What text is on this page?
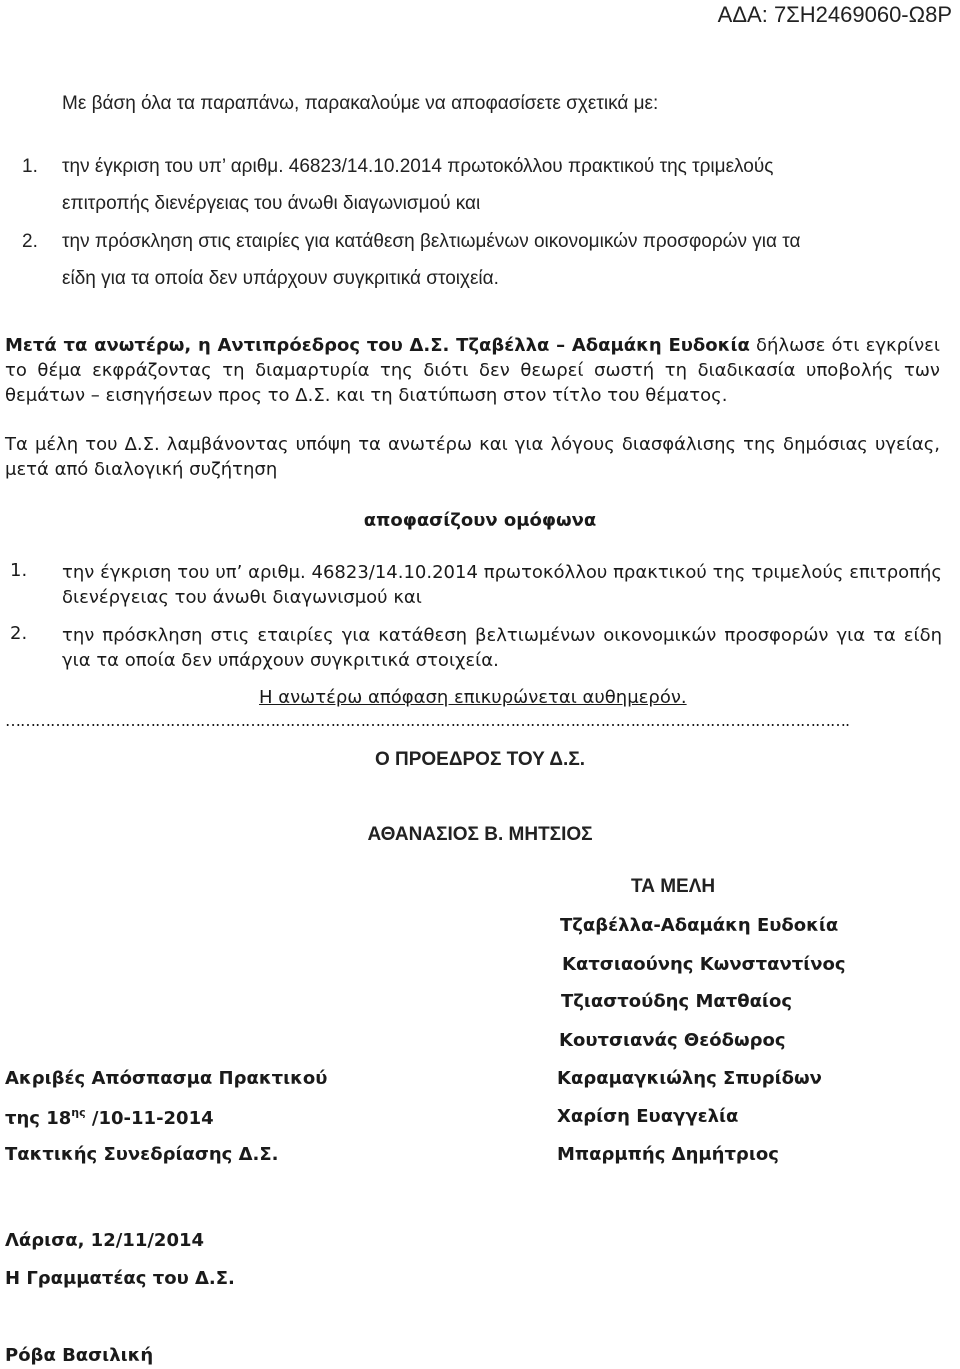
ΑΔΑ: 7ΣΗ2469060-Ω8Ρ

Με βάση όλα τα παραπάνω, παρακαλούμε να αποφασίσετε σχετικά με:

1. την έγκριση του υπ’ αριθμ. 46823/14.10.2014 πρωτοκόλλου πρακτικού της τριμελούς

επιτροπής διενέργειας του άνωθι διαγωνισμού και

2. την πρόσκληση στις εταιρίες για κατάθεση βελτιωμένων οικονομικών προσφορών για τα

είδη για τα οποία δεν υπάρχουν συγκριτικά στοιχεία.

Μετά τα ανωτέρω, η Αντιπρόεδρος του Δ.Σ. Τζαβέλλα – Αδαμάκη Ευδοκία δήλωσε ότι εγκρίνει το θέμα εκφράζοντας τη διαμαρτυρία της διότι δεν θεωρεί σωστή τη διαδικασία υποβολής των θεμάτων – εισηγήσεων προς το Δ.Σ. και τη διατύπωση στον τίτλο του θέματος.

Τα μέλη του Δ.Σ. λαμβάνοντας υπόψη τα ανωτέρω και για λόγους διασφάλισης της δημόσιας υγείας, μετά από διαλογική συζήτηση

αποφασίζουν ομόφωνα

1. την έγκριση του υπ’ αριθμ. 46823/14.10.2014 πρωτοκόλλου πρακτικού της τριμελούς επιτροπής διενέργειας του άνωθι διαγωνισμού και

2. την πρόσκληση στις εταιρίες για κατάθεση βελτιωμένων οικονομικών προσφορών για τα είδη για τα οποία δεν υπάρχουν συγκριτικά στοιχεία.

Η ανωτέρω απόφαση επικυρώνεται αυθημερόν.

…………………………………………………………………………………………………………………………………………………….

Ο ΠΡΟΕΔΡΟΣ ΤΟΥ Δ.Σ.

ΑΘΑΝΑΣΙΟΣ Β. ΜΗΤΣΙΟΣ

ΤΑ ΜΕΛΗ

Τζαβέλλα-Αδαμάκη Ευδοκία

Κατσιαούνης Κωνσταντίνος

Τζιαστούδης Ματθαίος

Κουτσιανάς Θεόδωρος

Καραμαγκιώλης Σπυρίδων

Χαρίση Ευαγγελία

Μπαρμπής Δημήτριος

Ακριβές Απόσπασμα Πρακτικού

της $18^{\eta\varsigma}$ /10-11-2014

Τακτικής Συνεδρίασης Δ.Σ.

Λάρισα, 12/11/2014

Η Γραμματέας του Δ.Σ.

Ρόβα Βασιλική
